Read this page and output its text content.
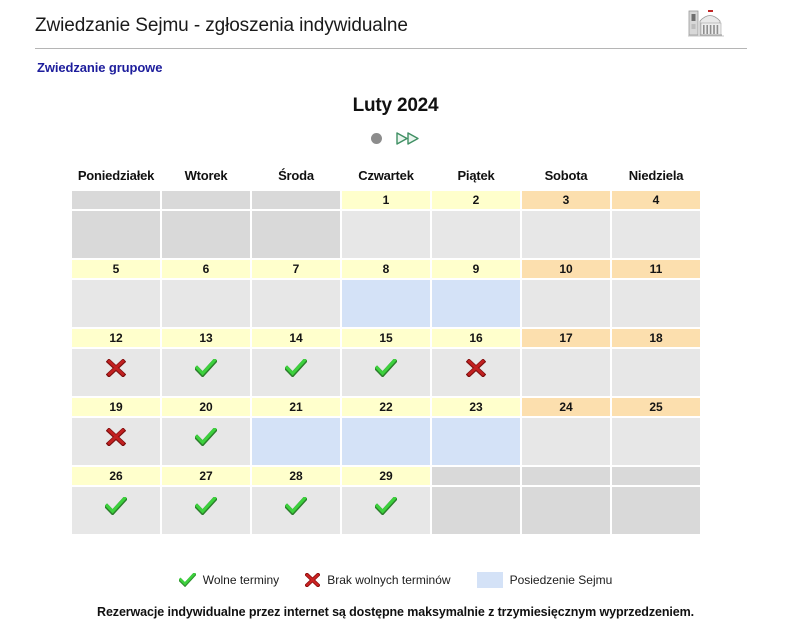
Zwiedzanie Sejmu - zgłoszenia indywidualne
Zwiedzanie grupowe
Luty 2024
Poniedziałek	Wtorek	Środa	Czwartek	Piątek	Sobota	Niedziela
			1	2	3	4

5	6	7	8	9	10	11

12	13	14	15	16	17	18

19	20	21	22	23	24	25

26	27	28	29			

Wolne terminy	Brak wolnych terminów	Posiedzenie Sejmu
Rezerwacje indywidualne przez internet są dostępne maksymalnie z trzymiesięcznym wyprzedzeniem.
